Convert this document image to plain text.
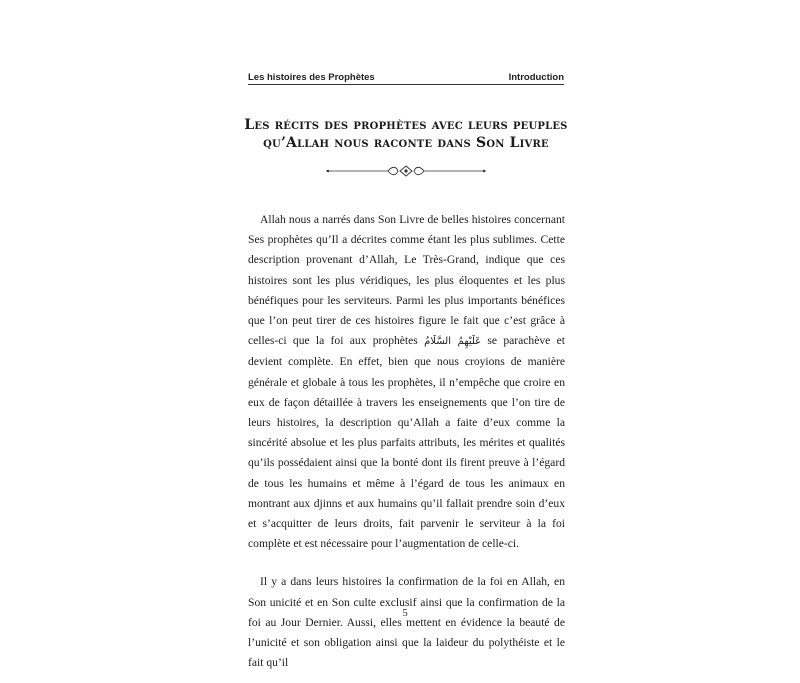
Les histoires des Prophètes	Introduction
Les récits des prophètes avec leurs peuples
qu’Allah nous raconte dans Son Livre

Allah nous a narrés dans Son Livre de belles histoires concernant Ses prophètes qu’Il a décrites comme étant les plus sublimes. Cette description provenant d’Allah, Le Très-Grand, indique que ces histoires sont les plus véridiques, les plus éloquentes et les plus bénéfiques pour les serviteurs. Parmi les plus importants bénéfices que l’on peut tirer de ces histoires figure le fait que c’est grâce à celles-ci que la foi aux prophètes عَلَيْهِمُ السَّلَامُ se parachève et devient complète. En effet, bien que nous croyions de manière générale et globale à tous les prophètes, il n’empêche que croire en eux de façon détaillée à travers les enseignements que l’on tire de leurs histoires, la description qu’Allah a faite d’eux comme la sincérité absolue et les plus parfaits attributs, les mérites et qualités qu’ils possédaient ainsi que la bonté dont ils firent preuve à l’égard de tous les humains et même à l’égard de tous les animaux en montrant aux djinns et aux humains qu’il fallait prendre soin d’eux et s’acquitter de leurs droits, fait parvenir le serviteur à la foi complète et est nécessaire pour l’augmentation de celle-ci.

Il y a dans leurs histoires la confirmation de la foi en Allah, en Son unicité et en Son culte exclusif ainsi que la confirmation de la foi au Jour Dernier. Aussi, elles mettent en évidence la beauté de l’unicité et son obligation ainsi que la laideur du polythéiste et le fait qu’il

5
